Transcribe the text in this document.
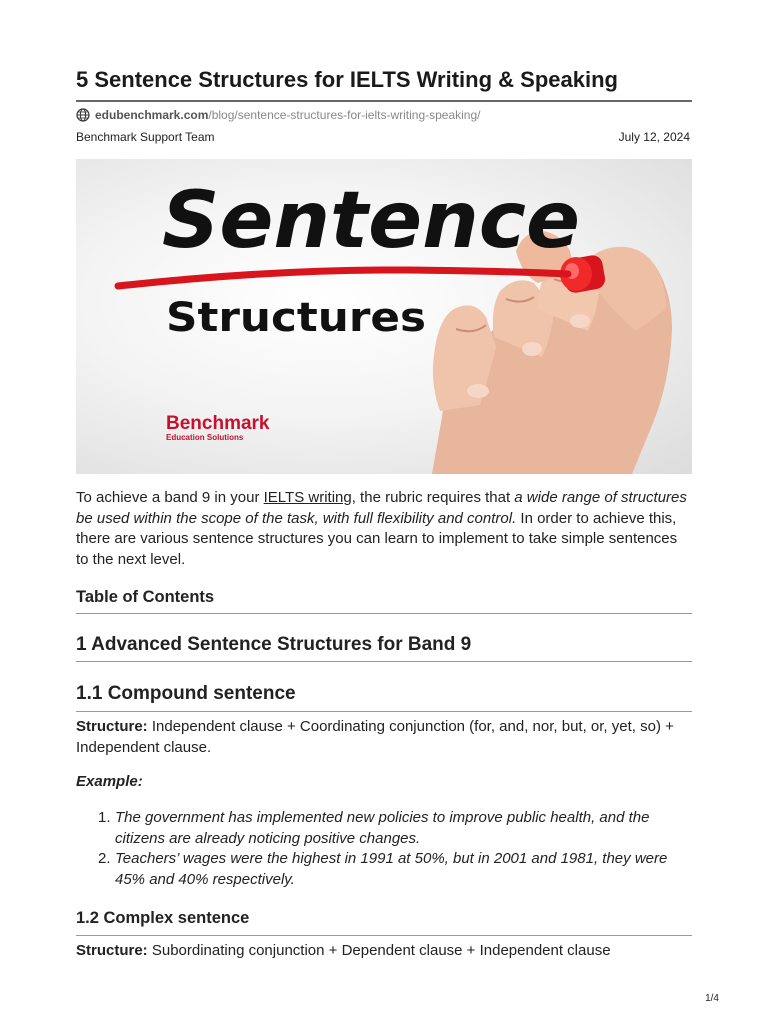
5 Sentence Structures for IELTS Writing & Speaking
edubenchmark.com /blog/sentence-structures-for-ielts-writing-speaking/
Benchmark Support Team	July 12, 2024
Sentence
Structures
Benchmark
Education Solutions

To achieve a band 9 in your IELTS writing, the rubric requires that a wide range of structures be used within the scope of the task, with full flexibility and control. In order to achieve this, there are various sentence structures you can learn to implement to take simple sentences to the next level.

Table of Contents
1 Advanced Sentence Structures for Band 9
1.1 Compound sentence

Structure: Independent clause + Coordinating conjunction (for, and, nor, but, or, yet, so) + Independent clause.

Example:
1. The government has implemented new policies to improve public health, and the citizens are already noticing positive changes.
2. Teachers’ wages were the highest in 1991 at 50%, but in 2001 and 1981, they were 45% and 40% respectively.
1.2 Complex sentence

Structure: Subordinating conjunction + Dependent clause + Independent clause

1/4
